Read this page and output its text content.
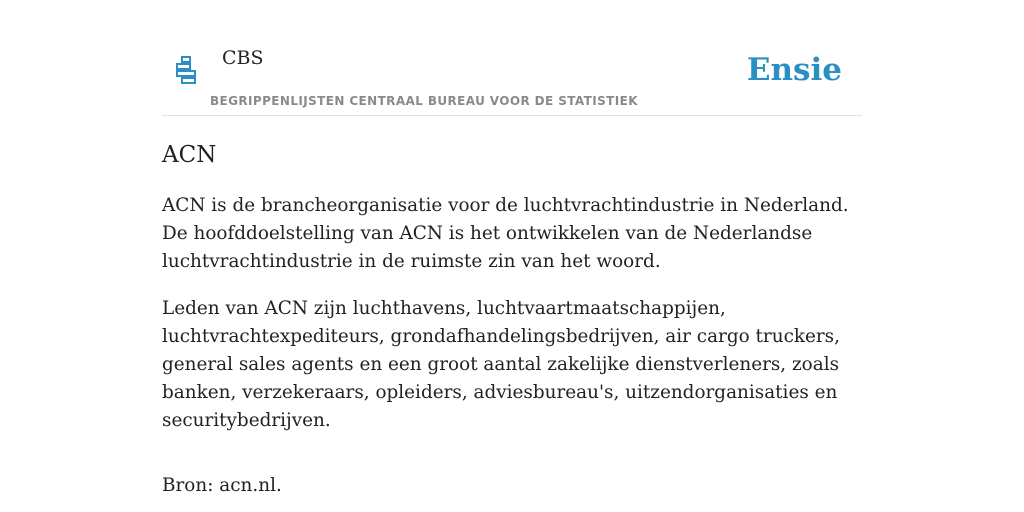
CBS
BEGRIPPENLIJSTEN CENTRAAL BUREAU VOOR DE STATISTIEK
Ensie
ACN

ACN is de brancheorganisatie voor de luchtvrachtindustrie in Nederland. De hoofddoelstelling van ACN is het ontwikkelen van de Nederlandse luchtvrachtindustrie in de ruimste zin van het woord.

Leden van ACN zijn luchthavens, luchtvaartmaatschappijen, luchtvrachtexpediteurs, grondafhandelingsbedrijven, air cargo truckers, general sales agents en een groot aantal zakelijke dienstverleners, zoals banken, verzekeraars, opleiders, adviesbureau's, uitzendorganisaties en securitybedrijven.

Bron: acn.nl.
